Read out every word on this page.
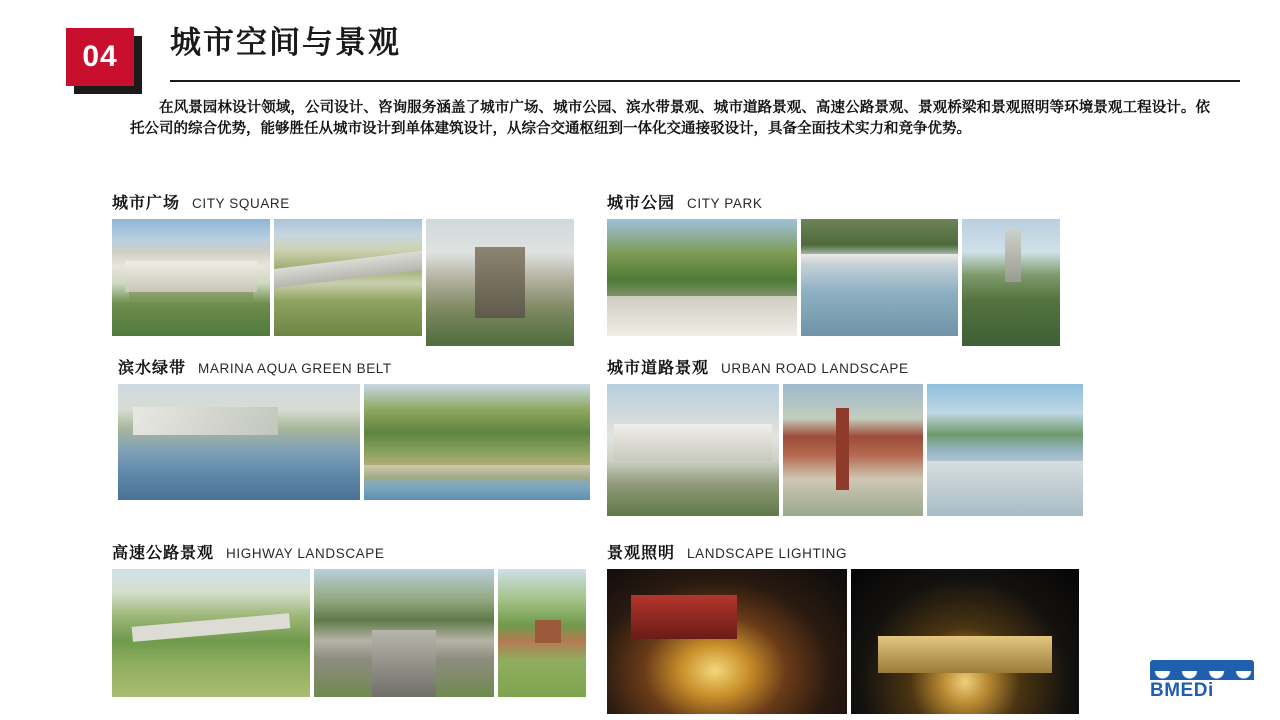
04	城市空间与景观
在风景园林设计领域，公司设计、咨询服务涵盖了城市广场、城市公园、滨水带景观、城市道路景观、高速公路景观、景观桥梁和景观照明等环境景观工程设计。依托公司的综合优势，能够胜任从城市设计到单体建筑设计，从综合交通枢纽到一体化交通接驳设计，具备全面技术实力和竞争优势。
城市广场 CITY SQUARE	城市公园 CITY PARK
滨水绿带 MARINA AQUA GREEN BELT	城市道路景观 URBAN ROAD LANDSCAPE
高速公路景观 HIGHWAY LANDSCAPE	景观照明 LANDSCAPE LIGHTING
BMEDi
